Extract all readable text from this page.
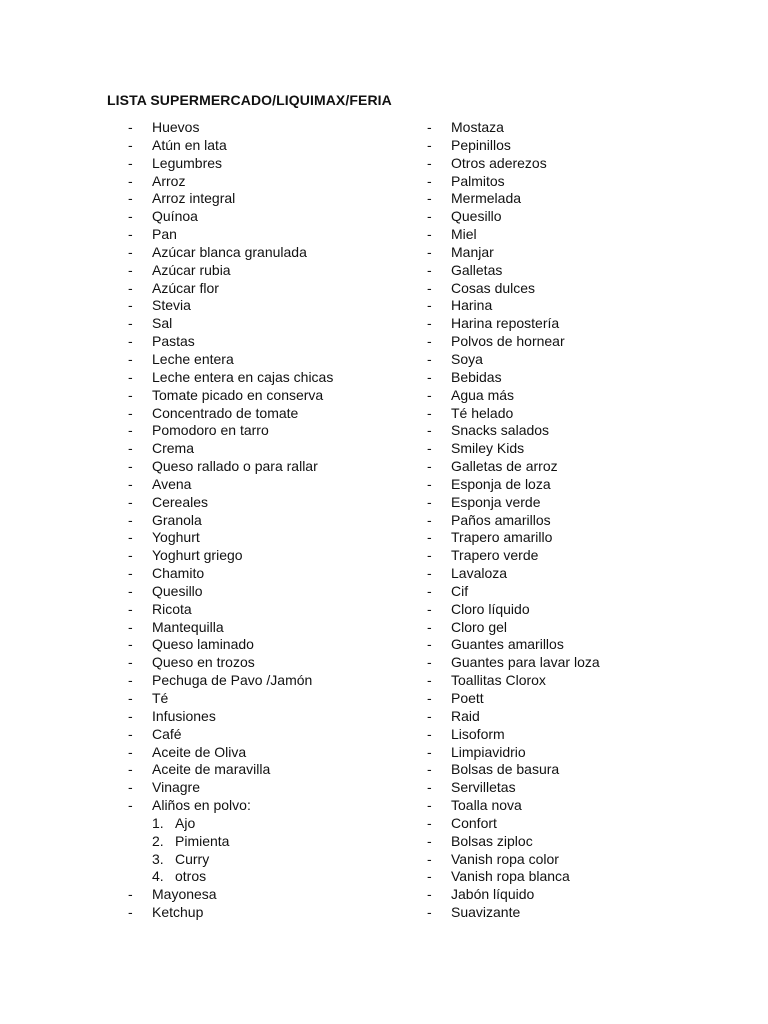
LISTA SUPERMERCADO/LIQUIMAX/FERIA
- Huevos
- Atún en lata
- Legumbres
- Arroz
- Arroz integral
- Quínoa
- Pan
- Azúcar blanca granulada
- Azúcar rubia
- Azúcar flor
- Stevia
- Sal
- Pastas
- Leche entera
- Leche entera en cajas chicas
- Tomate picado en conserva
- Concentrado de tomate
- Pomodoro en tarro
- Crema
- Queso rallado o para rallar
- Avena
- Cereales
- Granola
- Yoghurt
- Yoghurt griego
- Chamito
- Quesillo
- Ricota
- Mantequilla
- Queso laminado
- Queso en trozos
- Pechuga de Pavo /Jamón
- Té
- Infusiones
- Café
- Aceite de Oliva
- Aceite de maravilla
- Vinagre
- Aliños en polvo:
1. Ajo
2. Pimienta
3. Curry
4. otros
- Mayonesa
- Ketchup
- Mostaza
- Pepinillos
- Otros aderezos
- Palmitos
- Mermelada
- Quesillo
- Miel
- Manjar
- Galletas
- Cosas dulces
- Harina
- Harina repostería
- Polvos de hornear
- Soya
- Bebidas
- Agua más
- Té helado
- Snacks salados
- Smiley Kids
- Galletas de arroz
- Esponja de loza
- Esponja verde
- Paños amarillos
- Trapero amarillo
- Trapero verde
- Lavaloza
- Cif
- Cloro líquido
- Cloro gel
- Guantes amarillos
- Guantes para lavar loza
- Toallitas Clorox
- Poett
- Raid
- Lisoform
- Limpiavidrio
- Bolsas de basura
- Servilletas
- Toalla nova
- Confort
- Bolsas ziploc
- Vanish ropa color
- Vanish ropa blanca
- Jabón líquido
- Suavizante
